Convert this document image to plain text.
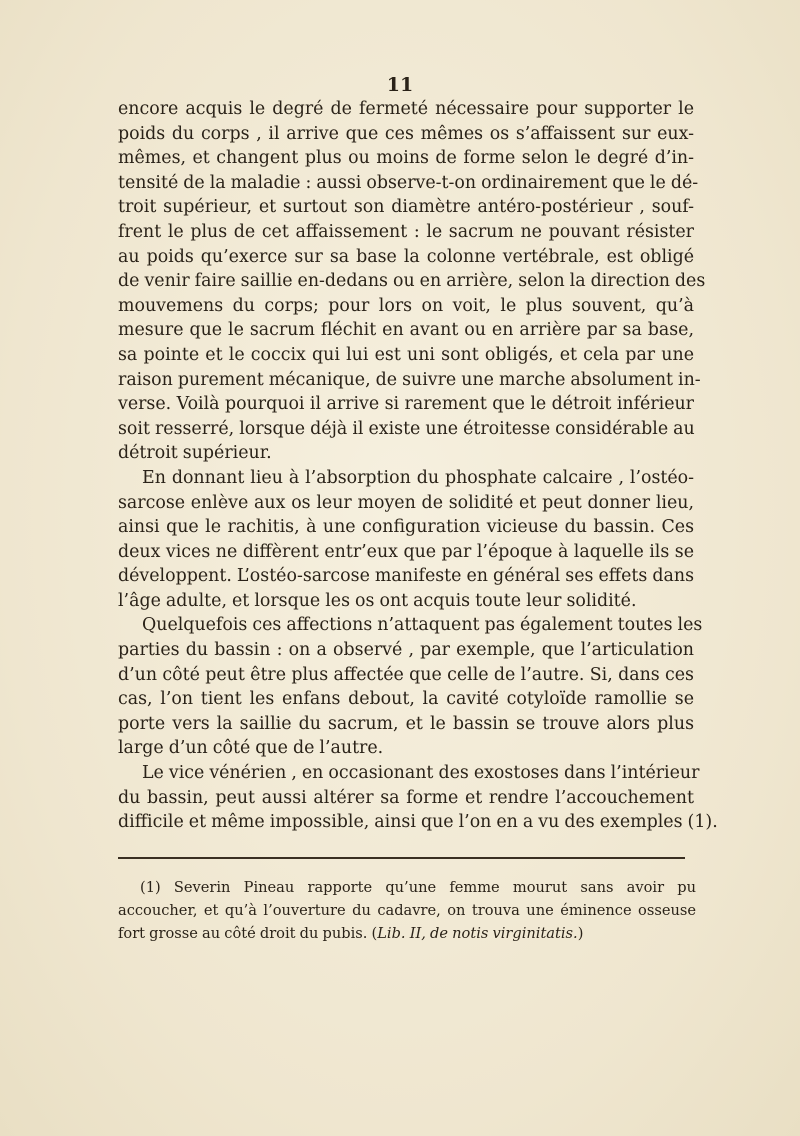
11
encore acquis le degré de fermeté nécessaire pour supporter le
poids du corps , il arrive que ces mêmes os s’affaissent sur eux-
mêmes, et changent plus ou moins de forme selon le degré d’in-
tensité de la maladie : aussi observe-t-on ordinairement que le dé-
troit supérieur, et surtout son diamètre antéro-postérieur , souf-
frent le plus de cet affaissement : le sacrum ne pouvant résister
au poids qu’exerce sur sa base la colonne vertébrale, est obligé
de venir faire saillie en-dedans ou en arrière, selon la direction des
mouvemens du corps; pour lors on voit, le plus souvent, qu’à
mesure que le sacrum fléchit en avant ou en arrière par sa base,
sa pointe et le coccix qui lui est uni sont obligés, et cela par une
raison purement mécanique, de suivre une marche absolument in-
verse. Voilà pourquoi il arrive si rarement que le détroit inférieur
soit resserré, lorsque déjà il existe une étroitesse considérable au
détroit supérieur.
En donnant lieu à l’absorption du phosphate calcaire , l’ostéo-
sarcose enlève aux os leur moyen de solidité et peut donner lieu,
ainsi que le rachitis, à une configuration vicieuse du bassin. Ces
deux vices ne diffèrent entr’eux que par l’époque à laquelle ils se
développent. L’ostéo-sarcose manifeste en général ses effets dans
l’âge adulte, et lorsque les os ont acquis toute leur solidité.
Quelquefois ces affections n’attaquent pas également toutes les
parties du bassin : on a observé , par exemple, que l’articulation
d’un côté peut être plus affectée que celle de l’autre. Si, dans ces
cas, l’on tient les enfans debout, la cavité cotyloïde ramollie se
porte vers la saillie du sacrum, et le bassin se trouve alors plus
large d’un côté que de l’autre.
Le vice vénérien , en occasionant des exostoses dans l’intérieur
du bassin, peut aussi altérer sa forme et rendre l’accouchement
difficile et même impossible, ainsi que l’on en a vu des exemples (1).
(1) Severin Pineau rapporte qu’une femme mourut sans avoir pu
accoucher, et qu’à l’ouverture du cadavre, on trouva une éminence osseuse
fort grosse au côté droit du pubis. (Lib. II, de notis virginitatis.)
